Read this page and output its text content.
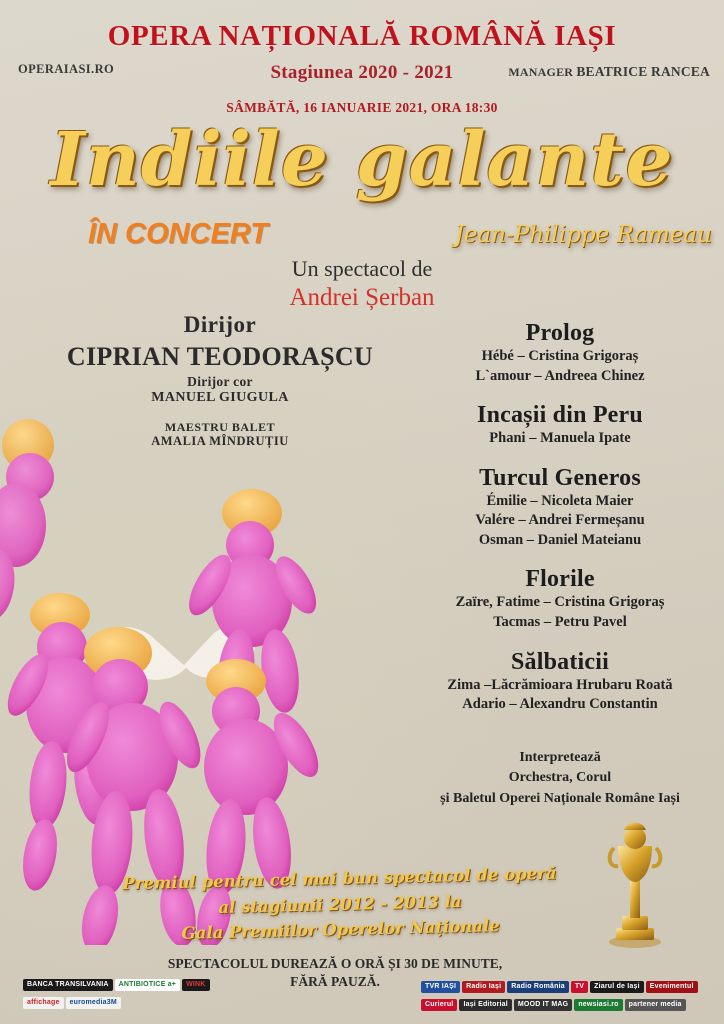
OPERA NAȚIONALĂ ROMÂNĂ IAȘI
OPERAIASI.RO	Stagiunea 2020 - 2021	MANAGER BEATRICE RANCEA
SÂMBĂTĂ, 16 IANUARIE 2021, ORA 18:30
Indiile galante
ÎN CONCERT	Jean-Philippe Rameau
Un spectacol de
Andrei Șerban
Dirijor
CIPRIAN TEODORAȘCU
Dirijor cor
MANUEL GIUGULA
MAESTRU BALET
AMALIA MÎNDRUȚIU
Prolog
Hébé – Cristina Grigoraș
L`amour – Andreea Chinez
Incașii din Peru
Phani – Manuela Ipate
Turcul Generos
Émilie – Nicoleta Maier
Valére – Andrei Fermeșanu
Osman – Daniel Mateianu
Florile
Zaïre, Fatime – Cristina Grigoraș
Tacmas – Petru Pavel
Sălbaticii
Zima –Lăcrămioara Hrubaru Roată
Adario – Alexandru Constantin
Interpretează
Orchestra, Corul
și Baletul Operei Naționale Române Iași
Premiul pentru cel mai bun spectacol de operă
al stagiunii 2012 - 2013 la
Gala Premiilor Operelor Naționale
SPECTACOLUL DUREAZĂ O ORĂ ȘI 30 DE MINUTE,
FĂRĂ PAUZĂ.
BANCA TRANSILVANIA ANTIBIOTICE a+ WINKaffichage euromedia3M
TVR IAȘI Radio Iași Radio România TV Ziarul de Iași EvenimentulCurierul Iași Editorial MOOD IT MAG newsiasi.ro partener media
